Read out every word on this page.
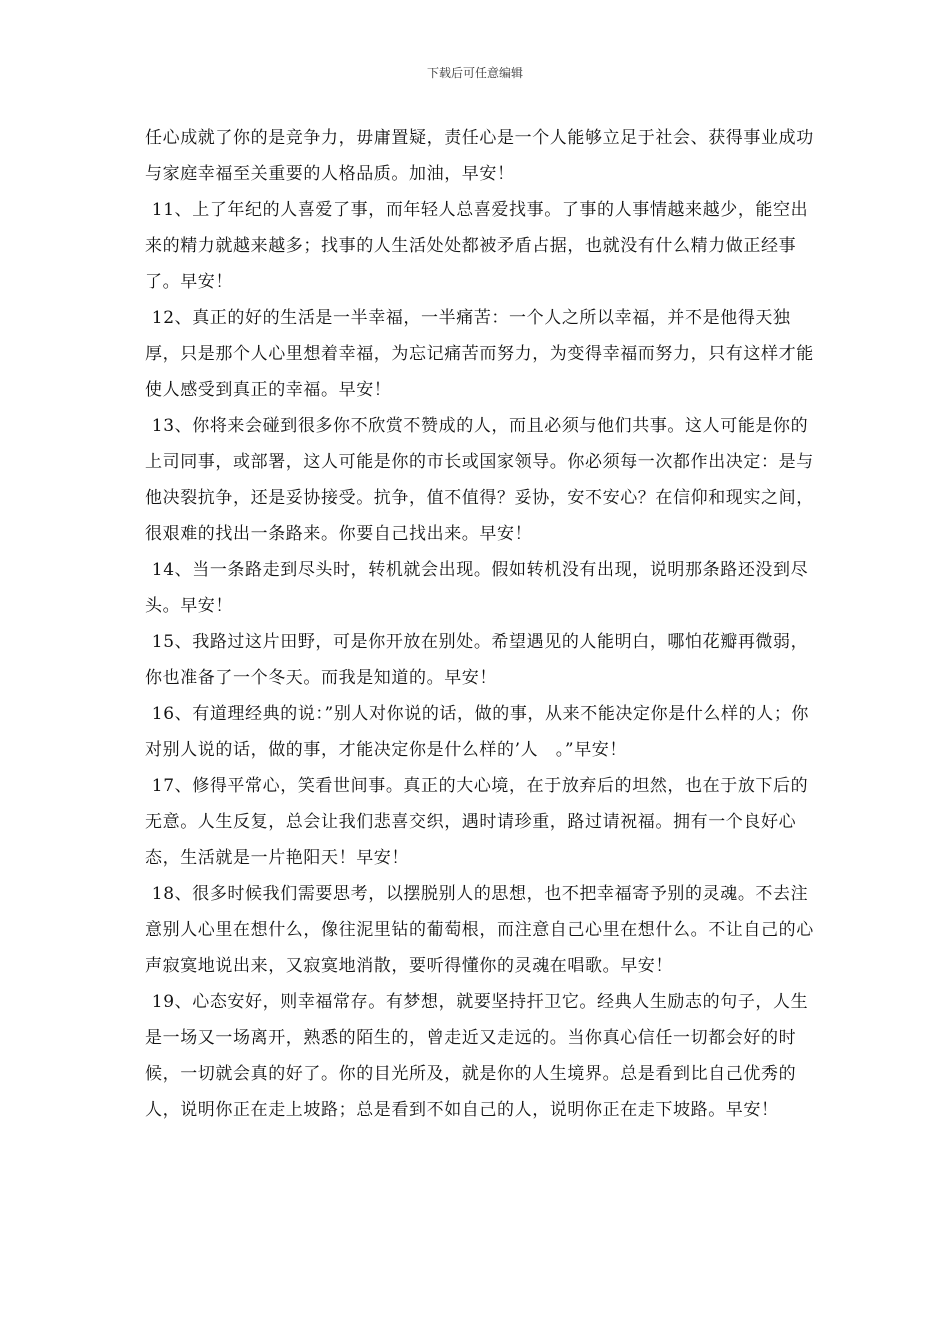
下载后可任意编辑

任心成就了你的是竞争力，毋庸置疑，责任心是一个人能够立足于社会、获得事业成功与家庭幸福至关重要的人格品质。加油，早安！

11、上了年纪的人喜爱了事，而年轻人总喜爱找事。了事的人事情越来越少，能空出来的精力就越来越多；找事的人生活处处都被矛盾占据，也就没有什么精力做正经事了。早安！

12、真正的好的生活是一半幸福，一半痛苦：一个人之所以幸福，并不是他得天独厚，只是那个人心里想着幸福，为忘记痛苦而努力，为变得幸福而努力，只有这样才能使人感受到真正的幸福。早安！

13、你将来会碰到很多你不欣赏不赞成的人，而且必须与他们共事。这人可能是你的上司同事，或部署，这人可能是你的市长或国家领导。你必须每一次都作出决定：是与他决裂抗争，还是妥协接受。抗争，值不值得？妥协，安不安心？在信仰和现实之间，很艰难的找出一条路来。你要自己找出来。早安！

14、当一条路走到尽头时，转机就会出现。假如转机没有出现，说明那条路还没到尽头。早安！

15、我路过这片田野，可是你开放在别处。希望遇见的人能明白，哪怕花瓣再微弱，你也准备了一个冬天。而我是知道的。早安！

16、有道理经典的说：”别人对你说的话，做的事，从来不能决定你是什么样的人；你对别人说的话，做的事，才能决定你是什么样的’人　。”早安！

17、修得平常心，笑看世间事。真正的大心境，在于放弃后的坦然，也在于放下后的无意。人生反复，总会让我们悲喜交织，遇时请珍重，路过请祝福。拥有一个良好心态，生活就是一片艳阳天！早安！

18、很多时候我们需要思考，以摆脱别人的思想，也不把幸福寄予别的灵魂。不去注意别人心里在想什么，像往泥里钻的葡萄根，而注意自己心里在想什么。不让自己的心声寂寞地说出来，又寂寞地消散，要听得懂你的灵魂在唱歌。早安！

19、心态安好，则幸福常存。有梦想，就要坚持扞卫它。经典人生励志的句子，人生是一场又一场离开，熟悉的陌生的，曾走近又走远的。当你真心信任一切都会好的时候，一切就会真的好了。你的目光所及，就是你的人生境界。总是看到比自己优秀的人，说明你正在走上坡路；总是看到不如自己的人，说明你正在走下坡路。早安！
